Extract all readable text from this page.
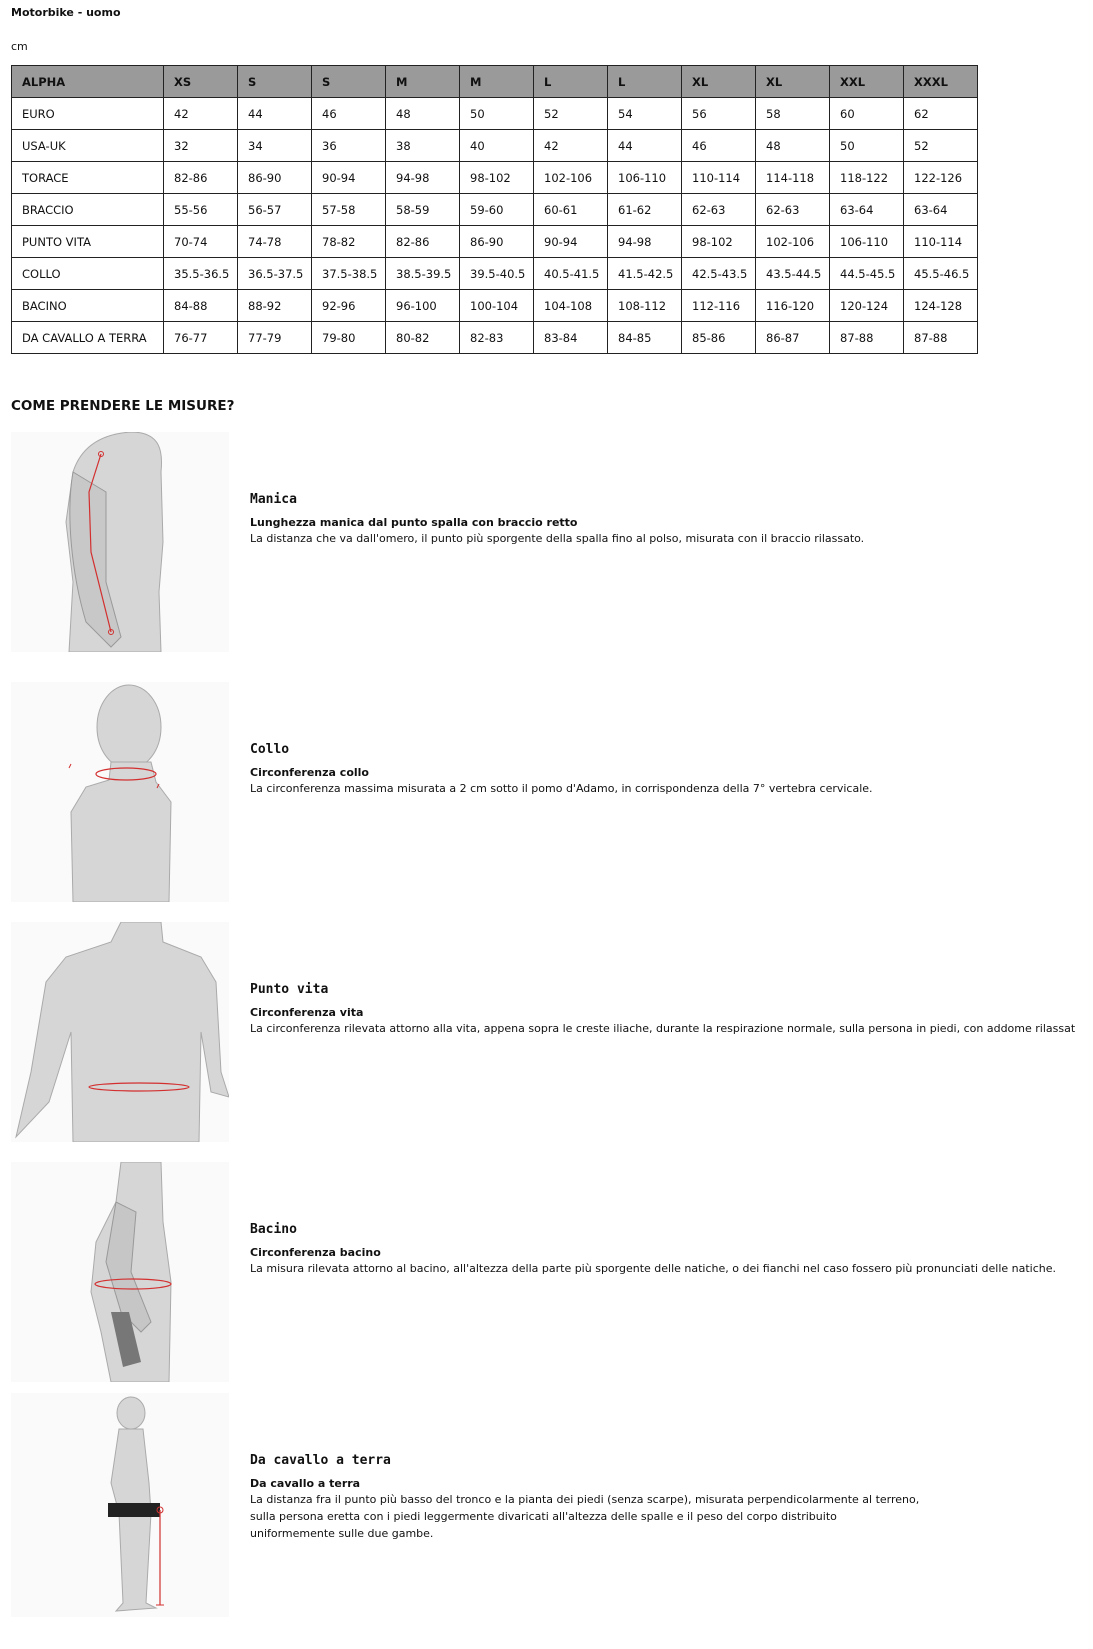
Motorbike - uomo
cm
ALPHA	XS	S	S	M	M	L	L	XL	XL	XXL	XXXL
EURO	42	44	46	48	50	52	54	56	58	60	62
USA-UK	32	34	36	38	40	42	44	46	48	50	52
TORACE	82-86	86-90	90-94	94-98	98-102	102-106	106-110	110-114	114-118	118-122	122-126
BRACCIO	55-56	56-57	57-58	58-59	59-60	60-61	61-62	62-63	62-63	63-64	63-64
PUNTO VITA	70-74	74-78	78-82	82-86	86-90	90-94	94-98	98-102	102-106	106-110	110-114
COLLO	35.5-36.5	36.5-37.5	37.5-38.5	38.5-39.5	39.5-40.5	40.5-41.5	41.5-42.5	42.5-43.5	43.5-44.5	44.5-45.5	45.5-46.5
BACINO	84-88	88-92	92-96	96-100	100-104	104-108	108-112	112-116	116-120	120-124	124-128
DA CAVALLO A TERRA	76-77	77-79	79-80	80-82	82-83	83-84	84-85	85-86	86-87	87-88	87-88
COME PRENDERE LE MISURE?
Manica
Lunghezza manica dal punto spalla con braccio retto
La distanza che va dall'omero, il punto più sporgente della spalla fino al polso, misurata con il braccio rilassato.
Collo
Circonferenza collo
La circonferenza massima misurata a 2 cm sotto il pomo d'Adamo, in corrispondenza della 7° vertebra cervicale.
Punto vita
Circonferenza vita
La circonferenza rilevata attorno alla vita, appena sopra le creste iliache, durante la respirazione normale, sulla persona in piedi, con addome rilassat
Bacino
Circonferenza bacino
La misura rilevata attorno al bacino, all'altezza della parte più sporgente delle natiche, o dei fianchi nel caso fossero più pronunciati delle natiche.
Da cavallo a terra
Da cavallo a terra
La distanza fra il punto più basso del tronco e la pianta dei piedi (senza scarpe), misurata perpendicolarmente al terreno,
sulla persona eretta con i piedi leggermente divaricati all'altezza delle spalle e il peso del corpo distribuito
uniformemente sulle due gambe.
